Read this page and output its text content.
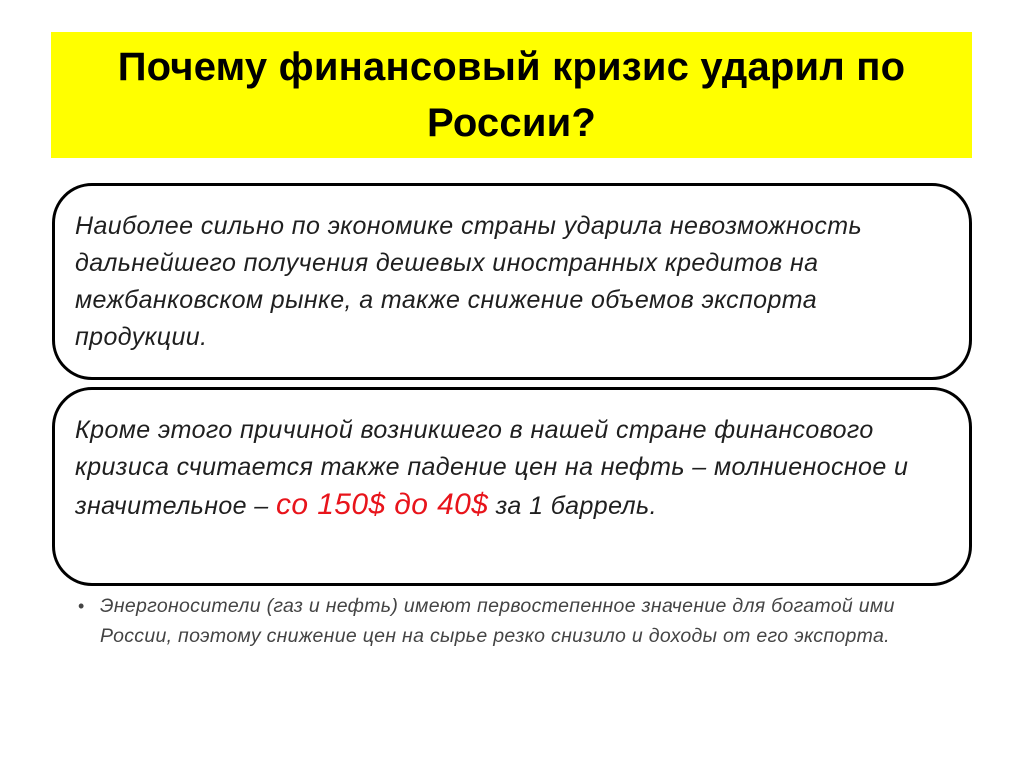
Почему финансовый кризис ударил по России?
Наиболее сильно по экономике страны ударила невозможность дальнейшего получения дешевых иностранных кредитов на межбанковском рынке, а также снижение объемов экспорта продукции.
Кроме этого причиной возникшего в нашей стране финансового кризиса считается также падение цен на нефть – молниеносное и значительное – со 150$ до 40$ за 1 баррель.
• Энергоносители (газ и нефть) имеют первостепенное значение для богатой ими России, поэтому снижение цен на сырье резко снизило и доходы от его экспорта.
